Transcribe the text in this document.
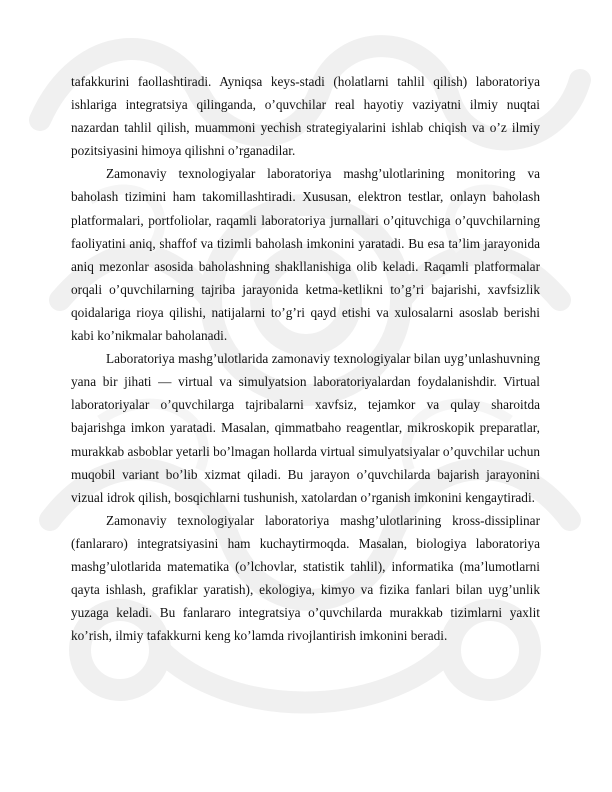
tafakkurini faollashtiradi. Ayniqsa keys-stadi (holatlarni tahlil qilish) laboratoriya ishlariga integratsiya qilinganda, o’quvchilar real hayotiy vaziyatni ilmiy nuqtai nazardan tahlil qilish, muammoni yechish strategiyalarini ishlab chiqish va o’z ilmiy pozitsiyasini himoya qilishni o’rganadilar.

Zamonaviy texnologiyalar laboratoriya mashg’ulotlarining monitoring va baholash tizimini ham takomillashtiradi. Xususan, elektron testlar, onlayn baholash platformalari, portfoliolar, raqamli laboratoriya jurnallari o’qituvchiga o’quvchilarning faoliyatini aniq, shaffof va tizimli baholash imkonini yaratadi. Bu esa ta’lim jarayonida aniq mezonlar asosida baholashning shakllanishiga olib keladi. Raqamli platformalar orqali o’quvchilarning tajriba jarayonida ketma-ketlikni to’g’ri bajarishi, xavfsizlik qoidalariga rioya qilishi, natijalarni to’g’ri qayd etishi va xulosalarni asoslab berishi kabi ko’nikmalar baholanadi.

Laboratoriya mashg’ulotlarida zamonaviy texnologiyalar bilan uyg’unlashuvning yana bir jihati — virtual va simulyatsion laboratoriyalardan foydalanishdir. Virtual laboratoriyalar o’quvchilarga tajribalarni xavfsiz, tejamkor va qulay sharoitda bajarishga imkon yaratadi. Masalan, qimmatbaho reagentlar, mikroskopik preparatlar, murakkab asboblar yetarli bo’lmagan hollarda virtual simulyatsiyalar o’quvchilar uchun muqobil variant bo’lib xizmat qiladi. Bu jarayon o’quvchilarda bajarish jarayonini vizual idrok qilish, bosqichlarni tushunish, xatolardan o’rganish imkonini kengaytiradi.

Zamonaviy texnologiyalar laboratoriya mashg’ulotlarining kross-dissiplinar (fanlararo) integratsiyasini ham kuchaytirmoqda. Masalan, biologiya laboratoriya mashg’ulotlarida matematika (o’lchovlar, statistik tahlil), informatika (ma’lumotlarni qayta ishlash, grafiklar yaratish), ekologiya, kimyo va fizika fanlari bilan uyg’unlik yuzaga keladi. Bu fanlararo integratsiya o’quvchilarda murakkab tizimlarni yaxlit ko’rish, ilmiy tafakkurni keng ko’lamda rivojlantirish imkonini beradi.
